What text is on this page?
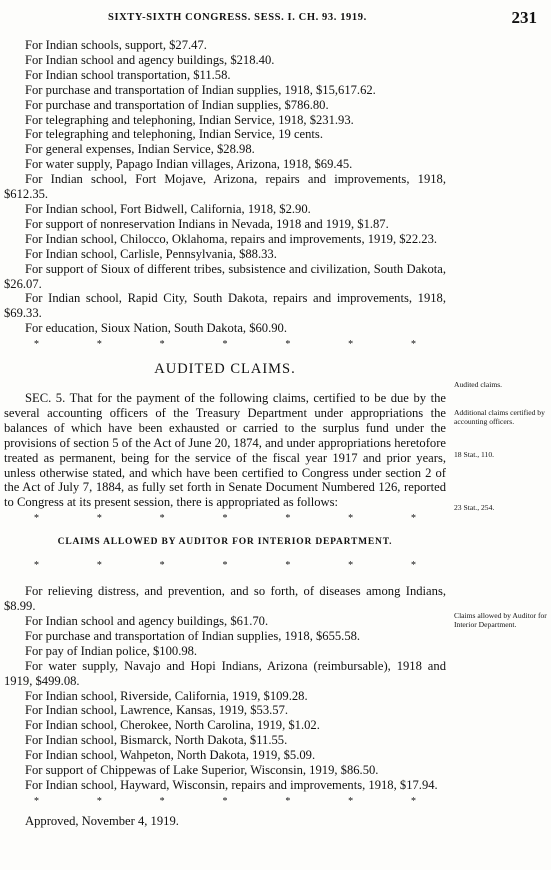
SIXTY-SIXTH CONGRESS. SESS. I. CH. 93. 1919.	231

For Indian schools, support, $27.47.

For Indian school and agency buildings, $218.40.

For Indian school transportation, $11.58.

For purchase and transportation of Indian supplies, 1918, $15,617.62.

For purchase and transportation of Indian supplies, $786.80.

For telegraphing and telephoning, Indian Service, 1918, $231.93.

For telegraphing and telephoning, Indian Service, 19 cents.

For general expenses, Indian Service, $28.98.

For water supply, Papago Indian villages, Arizona, 1918, $69.45.

For Indian school, Fort Mojave, Arizona, repairs and improvements, 1918, $612.35.

For Indian school, Fort Bidwell, California, 1918, $2.90.

For support of nonreservation Indians in Nevada, 1918 and 1919, $1.87.

For Indian school, Chilocco, Oklahoma, repairs and improvements, 1919, $22.23.

For Indian school, Carlisle, Pennsylvania, $88.33.

For support of Sioux of different tribes, subsistence and civilization, South Dakota, $26.07.

For Indian school, Rapid City, South Dakota, repairs and improvements, 1918, $69.33.

For education, Sioux Nation, South Dakota, $60.90.

*	*	*	*	*	*	*
AUDITED CLAIMS.

SEC. 5. That for the payment of the following claims, certified to be due by the several accounting officers of the Treasury Department under appropriations the balances of which have been exhausted or carried to the surplus fund under the provisions of section 5 of the Act of June 20, 1874, and under appropriations heretofore treated as permanent, being for the service of the fiscal year 1917 and prior years, unless otherwise stated, and which have been certified to Congress under section 2 of the Act of July 7, 1884, as fully set forth in Senate Document Numbered 126, reported to Congress at its present session, there is appropriated as follows:

*	*	*	*	*	*	*
CLAIMS ALLOWED BY AUDITOR FOR INTERIOR DEPARTMENT.
*	*	*	*	*	*	*

For relieving distress, and prevention, and so forth, of diseases among Indians, $8.99.

For Indian school and agency buildings, $61.70.

For purchase and transportation of Indian supplies, 1918, $655.58.

For pay of Indian police, $100.98.

For water supply, Navajo and Hopi Indians, Arizona (reimbursable), 1918 and 1919, $499.08.

For Indian school, Riverside, California, 1919, $109.28.

For Indian school, Lawrence, Kansas, 1919, $53.57.

For Indian school, Cherokee, North Carolina, 1919, $1.02.

For Indian school, Bismarck, North Dakota, $11.55.

For Indian school, Wahpeton, North Dakota, 1919, $5.09.

For support of Chippewas of Lake Superior, Wisconsin, 1919, $86.50.

For Indian school, Hayward, Wisconsin, repairs and improvements, 1918, $17.94.

*	*	*	*	*	*	*

Approved, November 4, 1919.

Audited claims.
Additional claims certified by accounting officers.
18 Stat., 110.
23 Stat., 254.
Claims allowed by Auditor for Interior Department.
